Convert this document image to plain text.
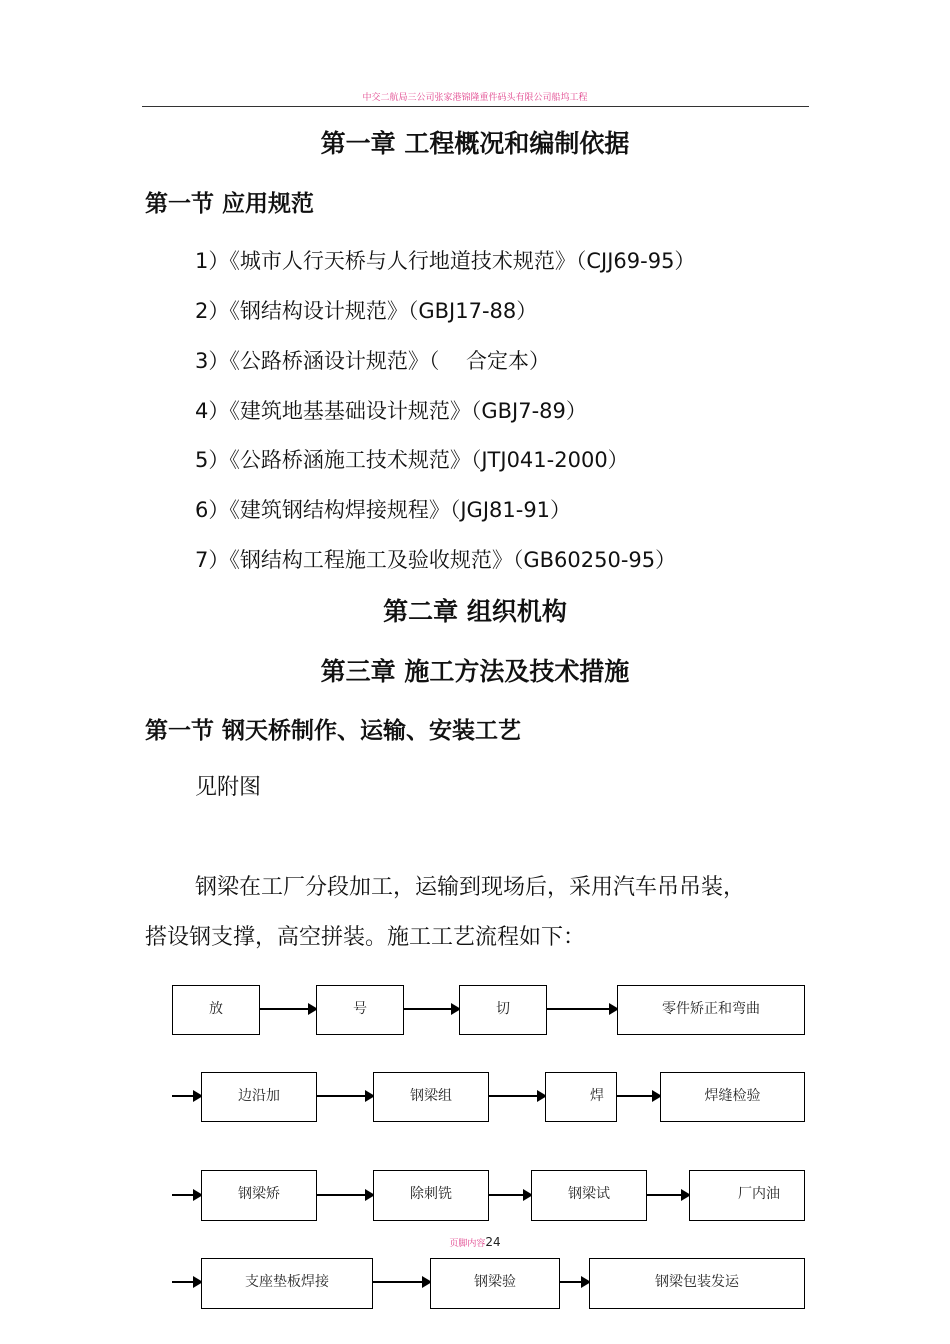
中交二航局三公司张家港锦隆重件码头有限公司船坞工程
第一章 工程概况和编制依据
第一节 应用规范
1）《城市人行天桥与人行地道技术规范》（CJJ69-95）
2）《钢结构设计规范》（GBJ17-88）
3）《公路桥涵设计规范》（    合定本）
4）《建筑地基基础设计规范》（GBJ7-89）
5）《公路桥涵施工技术规范》（JTJ041-2000）
6）《建筑钢结构焊接规程》（JGJ81-91）
7）《钢结构工程施工及验收规范》（GB60250-95）
第二章 组织机构
第三章 施工方法及技术措施
第一节 钢天桥制作、运输、安装工艺
见附图
钢梁在工厂分段加工，运输到现场后，采用汽车吊吊装，
搭设钢支撑，高空拼装。施工工艺流程如下：
放	号	切	零件矫正和弯曲
边沿加	钢梁组	焊	焊缝检验
钢梁矫	除刺铣	钢梁试	厂内油
页脚内容24
支座垫板焊接	钢梁验	钢梁包装发运
